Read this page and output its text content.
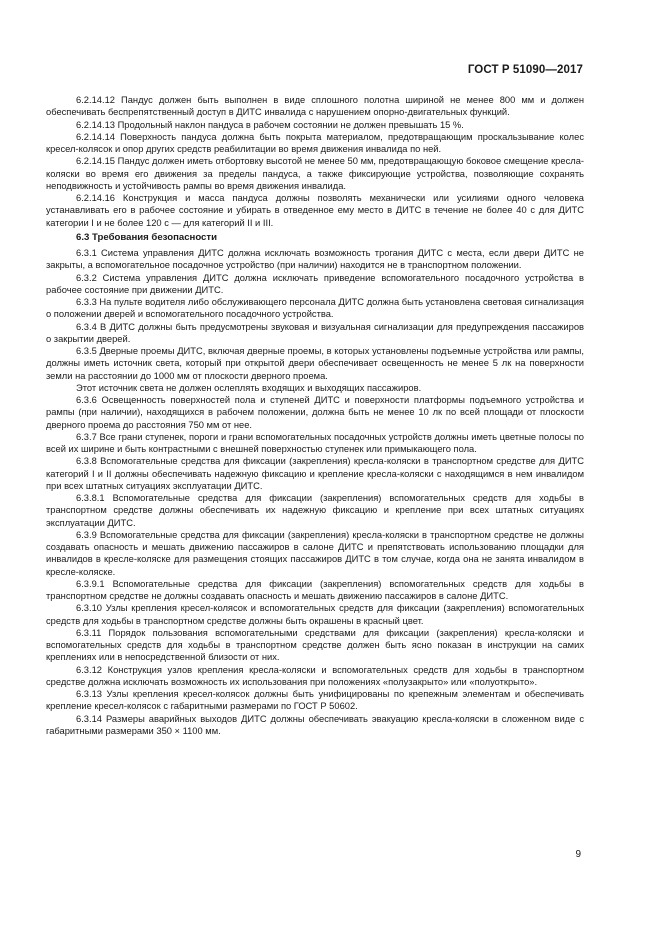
ГОСТ Р 51090—2017

6.2.14.12 Пандус должен быть выполнен в виде сплошного полотна шириной не менее 800 мм и должен обеспечивать беспрепятственный доступ в ДИТС инвалида с нарушением опорно-двигательных функций.

6.2.14.13 Продольный наклон пандуса в рабочем состоянии не должен превышать 15 %.

6.2.14.14 Поверхность пандуса должна быть покрыта материалом, предотвращающим проскальзывание колес кресел-колясок и опор других средств реабилитации во время движения инвалида по ней.

6.2.14.15 Пандус должен иметь отбортовку высотой не менее 50 мм, предотвращающую боковое смещение кресла-коляски во время его движения за пределы пандуса, а также фиксирующие устройства, позволяющие сохранять неподвижность и устойчивость рампы во время движения инвалида.

6.2.14.16 Конструкция и масса пандуса должны позволять механически или усилиями одного человека устанавливать его в рабочее состояние и убирать в отведенное ему место в ДИТС в течение не более 40 с для ДИТС категории I и не более 120 с — для категорий II и III.

6.3 Требования безопасности

6.3.1 Система управления ДИТС должна исключать возможность трогания ДИТС с места, если двери ДИТС не закрыты, а вспомогательное посадочное устройство (при наличии) находится не в транспортном положении.

6.3.2 Система управления ДИТС должна исключать приведение вспомогательного посадочного устройства в рабочее состояние при движении ДИТС.

6.3.3 На пульте водителя либо обслуживающего персонала ДИТС должна быть установлена световая сигнализация о положении дверей и вспомогательного посадочного устройства.

6.3.4 В ДИТС должны быть предусмотрены звуковая и визуальная сигнализации для предупреждения пассажиров о закрытии дверей.

6.3.5 Дверные проемы ДИТС, включая дверные проемы, в которых установлены подъемные устройства или рампы, должны иметь источник света, который при открытой двери обеспечивает освещенность не менее 5 лк на поверхности земли на расстоянии до 1000 мм от плоскости дверного проема.

Этот источник света не должен ослеплять входящих и выходящих пассажиров.

6.3.6 Освещенность поверхностей пола и ступеней ДИТС и поверхности платформы подъемного устройства и рампы (при наличии), находящихся в рабочем положении, должна быть не менее 10 лк по всей площади от плоскости дверного проема до расстояния 750 мм от нее.

6.3.7 Все грани ступенек, пороги и грани вспомогательных посадочных устройств должны иметь цветные полосы по всей их ширине и быть контрастными с внешней поверхностью ступенек или примыкающего пола.

6.3.8 Вспомогательные средства для фиксации (закрепления) кресла-коляски в транспортном средстве для ДИТС категорий I и II должны обеспечивать надежную фиксацию и крепление кресла-коляски с находящимся в нем инвалидом при всех штатных ситуациях эксплуатации ДИТС.

6.3.8.1 Вспомогательные средства для фиксации (закрепления) вспомогательных средств для ходьбы в транспортном средстве должны обеспечивать их надежную фиксацию и крепление при всех штатных ситуациях эксплуатации ДИТС.

6.3.9 Вспомогательные средства для фиксации (закрепления) кресла-коляски в транспортном средстве не должны создавать опасность и мешать движению пассажиров в салоне ДИТС и препятствовать использованию площадки для инвалидов в кресле-коляске для размещения стоящих пассажиров ДИТС в том случае, когда она не занята инвалидом в кресле-коляске.

6.3.9.1 Вспомогательные средства для фиксации (закрепления) вспомогательных средств для ходьбы в транспортном средстве не должны создавать опасность и мешать движению пассажиров в салоне ДИТС.

6.3.10 Узлы крепления кресел-колясок и вспомогательных средств для фиксации (закрепления) вспомогательных средств для ходьбы в транспортном средстве должны быть окрашены в красный цвет.

6.3.11 Порядок пользования вспомогательными средствами для фиксации (закрепления) кресла-коляски и вспомогательных средств для ходьбы в транспортном средстве должен быть ясно показан в инструкции на самих креплениях или в непосредственной близости от них.

6.3.12 Конструкция узлов крепления кресла-коляски и вспомогательных средств для ходьбы в транспортном средстве должна исключать возможность их использования при положениях «полузакрыто» или «полуоткрыто».

6.3.13 Узлы крепления кресел-колясок должны быть унифицированы по крепежным элементам и обеспечивать крепление кресел-колясок с габаритными размерами по ГОСТ Р 50602.

6.3.14 Размеры аварийных выходов ДИТС должны обеспечивать эвакуацию кресла-коляски в сложенном виде с габаритными размерами 350 × 1100 мм.

9
